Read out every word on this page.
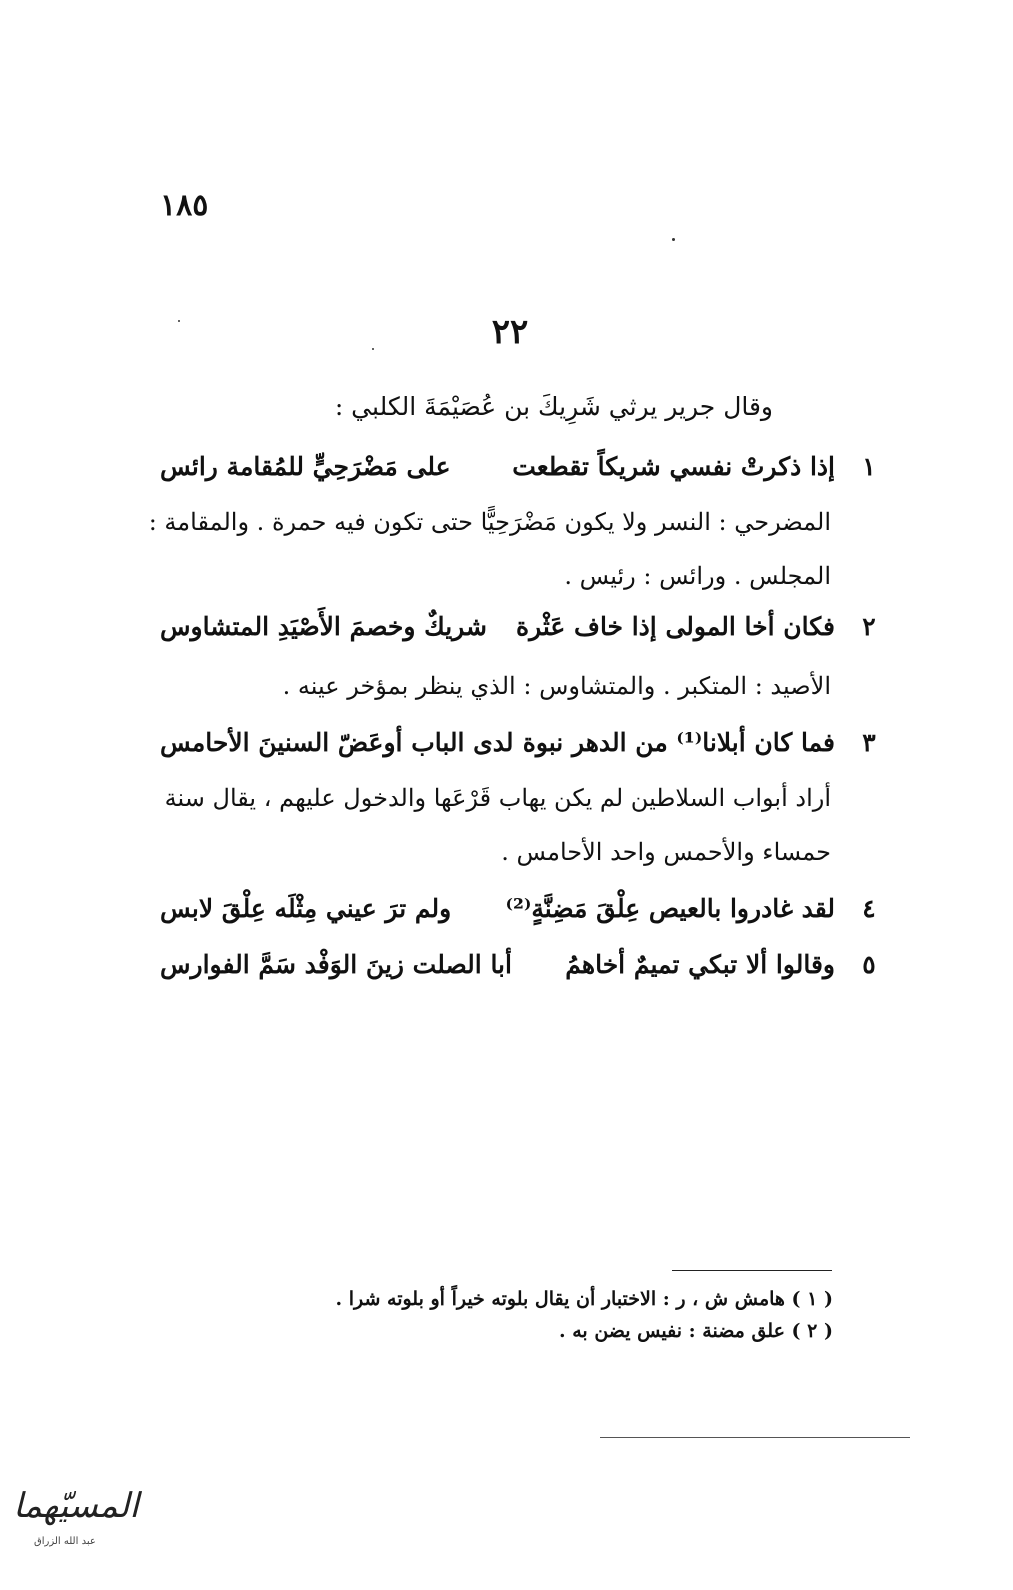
١٨٥
٢٢
وقال جرير يرثي شَرِيكَ بن عُصَيْمَةَ الكلبي :
١
إذا ذكرتْ نفسي شريكاً تقطعت
على مَضْرَحِيٍّ للمُقامة رائس
المضرحي : النسر ولا يكون مَضْرَحِيًّا حتى تكون فيه حمرة . والمقامة :
المجلس . ورائس : رئيس .
٢
فكان أخا المولى إذا خاف عَثْرة
شريكٌ وخصمَ الأَصْيَدِ المتشاوس
الأصيد : المتكبر . والمتشاوس : الذي ينظر بمؤخر عينه .
٣
فما كان أبلانا⁽¹⁾ من الدهر نبوة
لدى الباب أوعَضّ السنينَ الأحامس
أراد أبواب السلاطين لم يكن يهاب قَرْعَها والدخول عليهم ، يقال سنة
حمساء والأحمس واحد الأحامس .
٤
لقد غادروا بالعيص عِلْقَ مَضِنَّةٍ⁽²⁾
ولم ترَ عيني مِثْلَه عِلْقَ لابس
٥
وقالوا ألا تبكي تميمٌ أخاهمُ
أبا الصلت زينَ الوَفْد سَمَّ الفوارس
( ١ ) هامش ش ، ر : الاختبار أن يقال بلوته خيراً أو بلوته شرا .
( ٢ ) علق مضنة : نفيس يضن به .
المسيّهما
عبد الله الزراق
